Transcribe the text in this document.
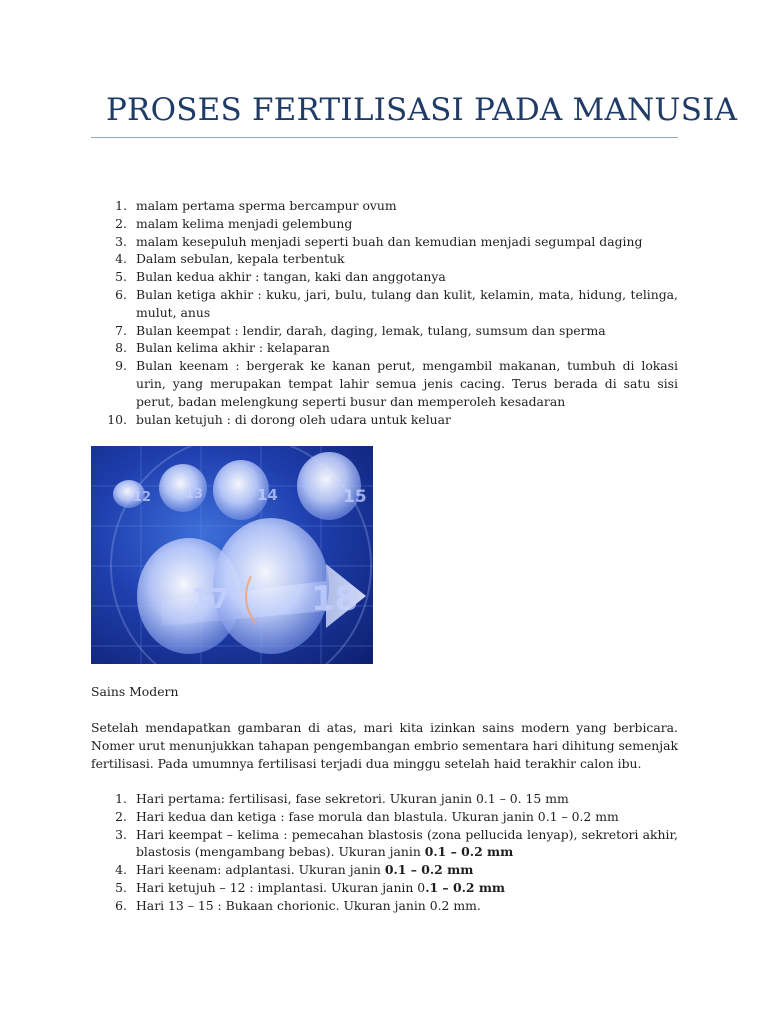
PROSES FERTILISASI PADA MANUSIA
1. malam pertama sperma bercampur ovum
2. malam kelima menjadi gelembung
3. malam kesepuluh menjadi seperti buah dan kemudian menjadi segumpal daging
4. Dalam sebulan, kepala terbentuk
5. Bulan kedua akhir : tangan, kaki dan anggotanya
6. Bulan ketiga akhir : kuku, jari, bulu, tulang dan kulit, kelamin, mata, hidung, telinga, mulut, anus
7. Bulan keempat : lendir, darah, daging, lemak, tulang, sumsum dan sperma
8. Bulan kelima akhir : kelaparan
9. Bulan keenam : bergerak ke kanan perut, mengambil makanan, tumbuh di lokasi urin, yang merupakan tempat lahir semua jenis cacing. Terus berada di satu sisi perut, badan melengkung seperti busur dan memperoleh kesadaran
10. bulan ketujuh : di dorong oleh udara untuk keluar
12	13	14	15
17 18

Sains Modern

Setelah mendapatkan gambaran di atas, mari kita izinkan sains modern yang berbicara. Nomer urut menunjukkan tahapan pengembangan embrio sementara hari dihitung semenjak fertilisasi. Pada umumnya fertilisasi terjadi dua minggu setelah haid terakhir calon ibu.

1. Hari pertama: fertilisasi, fase sekretori. Ukuran janin 0.1 – 0. 15 mm
2. Hari kedua dan ketiga : fase morula dan blastula. Ukuran janin 0.1 – 0.2 mm
3. Hari keempat – kelima : pemecahan blastosis (zona pellucida lenyap), sekretori akhir, blastosis (mengambang bebas). Ukuran janin 0.1 – 0.2 mm
4. Hari keenam: adplantasi. Ukuran janin 0.1 – 0.2 mm
5. Hari ketujuh – 12 : implantasi. Ukuran janin 0.1 – 0.2 mm
6. Hari 13 – 15 : Bukaan chorionic. Ukuran janin 0.2 mm.
